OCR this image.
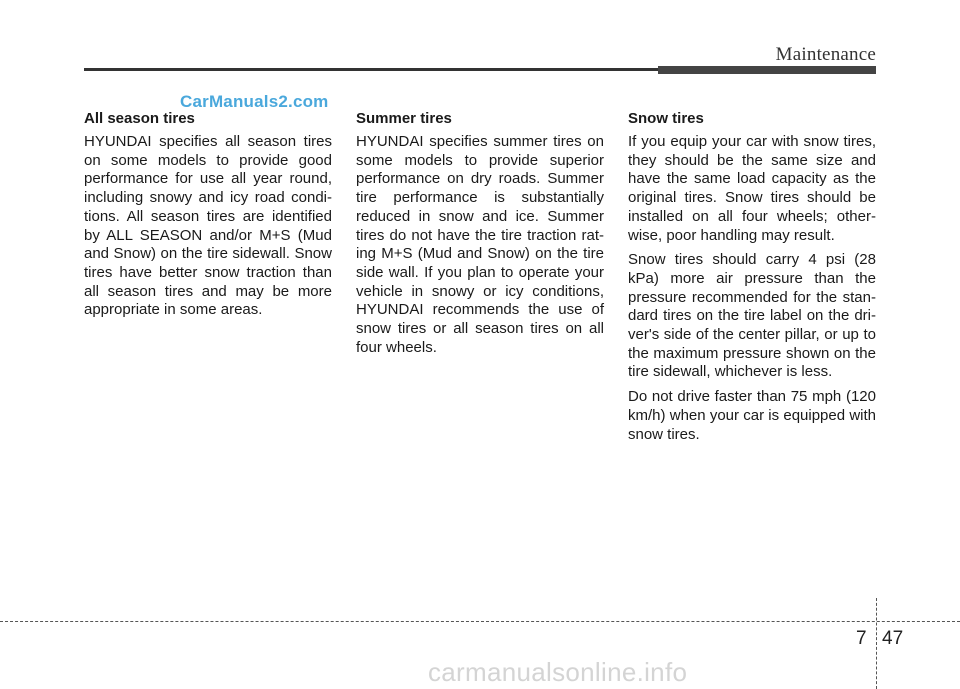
Maintenance
CarManuals2.com
All season tires

HYUNDAI specifies all season tires on some models to provide good performance for use all year round, including snowy and icy road condi-tions. All season tires are identified by ALL SEASON and/or M+S (Mud and Snow) on the tire sidewall. Snow tires have better snow traction than all season tires and may be more appropriate in some areas.

Summer tires

HYUNDAI specifies summer tires on some models to provide superior performance on dry roads. Summer tire performance is substantially reduced in snow and ice. Summer tires do not have the tire traction rat-ing M+S (Mud and Snow) on the tire side wall. If you plan to operate your vehicle in snowy or icy conditions, HYUNDAI recommends the use of snow tires or all season tires on all four wheels.

Snow tires

If you equip your car with snow tires, they should be the same size and have the same load capacity as the original tires. Snow tires should be installed on all four wheels; other-wise, poor handling may result.

Snow tires should carry 4 psi (28 kPa) more air pressure than the pressure recommended for the stan-dard tires on the tire label on the dri-ver's side of the center pillar, or up to the maximum pressure shown on the tire sidewall, whichever is less.

Do not drive faster than 75 mph (120 km/h) when your car is equipped with snow tires.

7 47
carmanualsonline.info
